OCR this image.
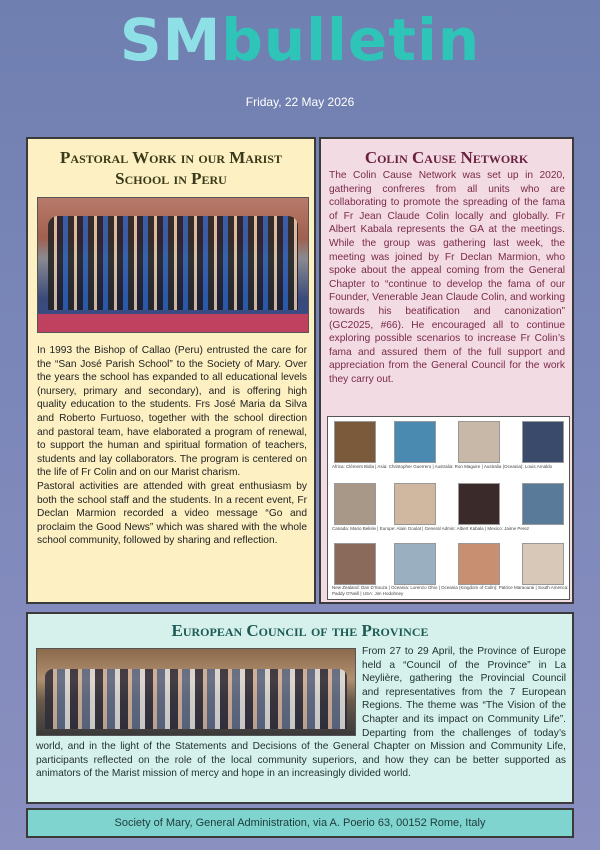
SMbulletin
Friday, 22 May 2026
Pastoral Work in our Marist
School in Peru

In 1993 the Bishop of Callao (Peru) entrusted the care for the “San José Parish School” to the Society of Mary. Over the years the school has expanded to all educational levels (nursery, primary and secondary), and is offering high quality education to the students. Frs José Maria da Silva and Roberto Furtuoso, together with the school direction and pastoral team, have elaborated a program of renewal, to support the human and spiritual formation of teachers, students and lay collaborators. The program is centered on the life of Fr Colin and on our Marist charism.

Pastoral activities are attended with great enthusiasm by both the school staff and the students. In a recent event, Fr Declan Marmion recorded a video message “Go and proclaim the Good News” which was shared with the whole school community, followed by sharing and reflection.

Colin Cause Network

The Colin Cause Network was set up in 2020, gathering confreres from all units who are collaborating to promote the spreading of the fama of Fr Jean Claude Colin locally and globally. Fr Albert Kabala represents the GA at the meetings. While the group was gathering last week, the meeting was joined by Fr Declan Marmion, who spoke about the appeal coming from the General Chapter to “continue to develop the fama of our Founder, Venerable Jean Claude Colin, and working towards his beatification and canonization” (GC2025, #66). He encouraged all to continue exploring possible scenarios to increase Fr Colin’s fama and assured them of the full support and appreciation from the General Council for the work they carry out.

Africa: Clément Bidia | Asia: Christopher Guerrero | Australia: Ron Maguire | Australia (Oceania): Louis Arnaldo
Canada: Mario Belisle | Europe: Alain Goulat | General Admin: Albert Kabala | Mexico: Jaime Perez
New Zealand: Dan D'Souza | Oceania: Lorenzo Ohio | Oceania (Kingdom of Colin): Patrice Maraourai | South America:
Paddy O'Neill | USA: Jim Hodohney
European Council of the Province

From 27 to 29 April, the Province of Europe held a “Council of the Province” in La Neylière, gathering the Provincial Council and representatives from the 7 European Regions. The theme was “The Vision of the Chapter and its impact on Community Life”. Departing from the challenges of today’s world, and in the light of the Statements and Decisions of the General Chapter on Mission and Community Life, participants reflected on the role of the local community superiors, and how they can be better supported as animators of the Marist mission of mercy and hope in an increasingly divided world.

Society of Mary, General Administration, via A. Poerio 63, 00152 Rome, Italy
